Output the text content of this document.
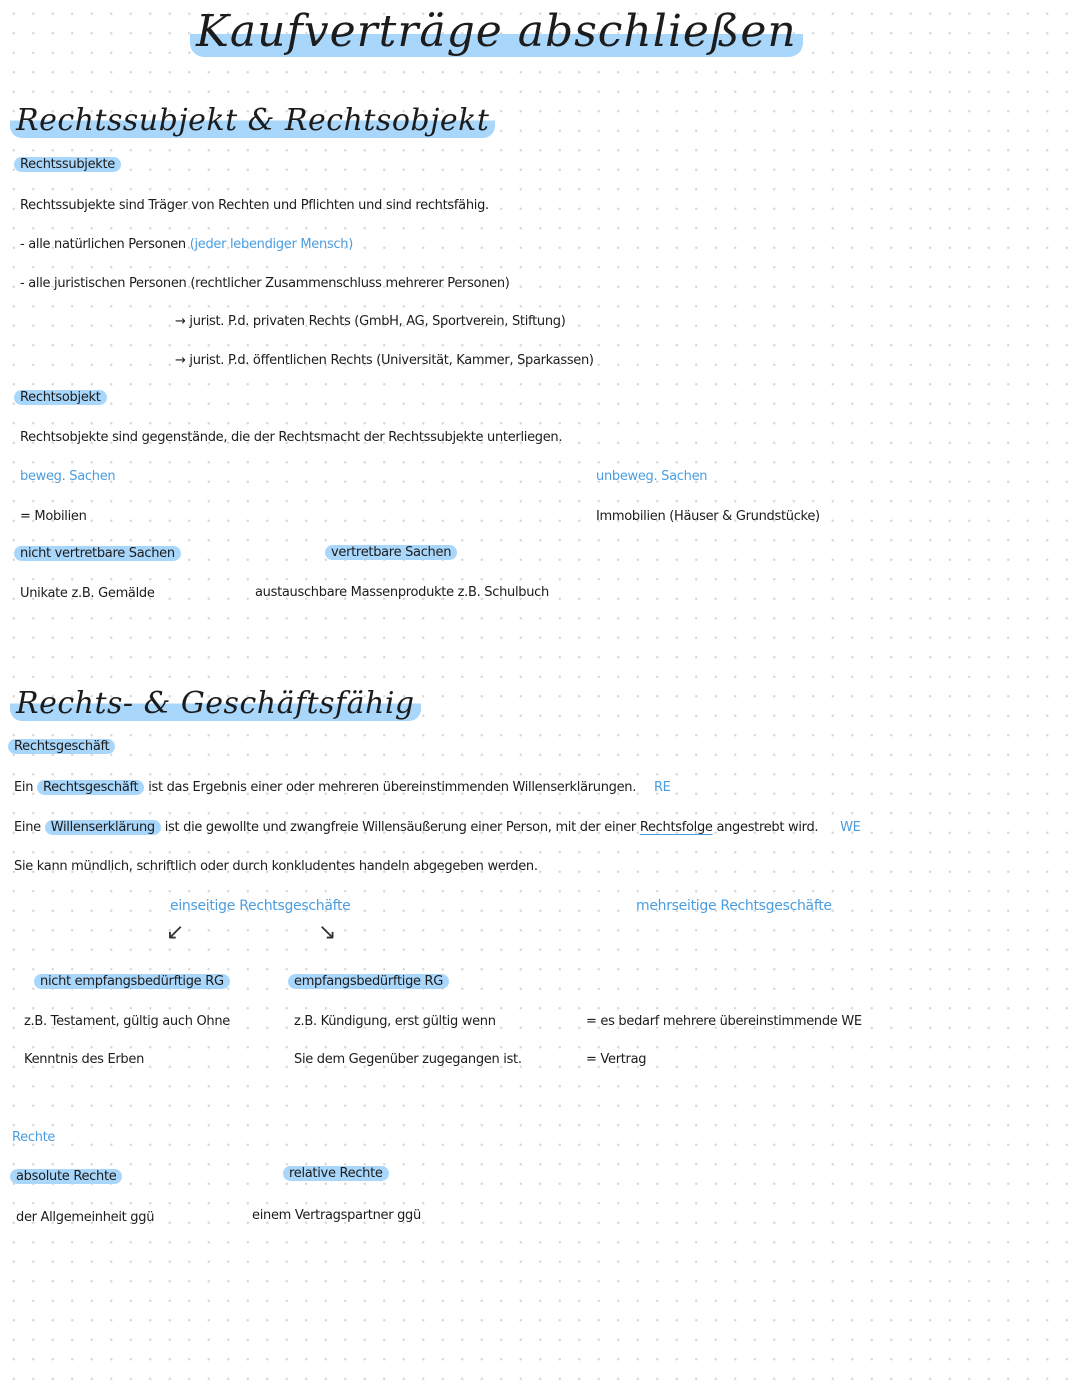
Kaufverträge abschließen
Rechtssubjekt & Rechtsobjekt
Rechtssubjekte
Rechtssubjekte sind Träger von Rechten und Pflichten und sind rechtsfähig.
- alle natürlichen Personen (jeder lebendiger Mensch)
- alle juristischen Personen (rechtlicher Zusammenschluss mehrerer Personen)
→ jurist. P.d. privaten Rechts (GmbH, AG, Sportverein, Stiftung)
→ jurist. P.d. öffentlichen Rechts (Universität, Kammer, Sparkassen)
Rechtsobjekt
Rechtsobjekte sind gegenstände, die der Rechtsmacht der Rechtssubjekte unterliegen.
beweg. Sachen	unbeweg. Sachen
= Mobilien	Immobilien (Häuser & Grundstücke)
nicht vertretbare Sachen	vertretbare Sachen
Unikate z.B. Gemälde	austauschbare Massenprodukte z.B. Schulbuch
Rechts- & Geschäftsfähig
Rechtsgeschäft
Ein Rechtsgeschäft ist das Ergebnis einer oder mehreren übereinstimmenden Willenserklärungen. RE
Eine Willenserklärung ist die gewollte und zwangfreie Willensäußerung einer Person, mit der einer Rechtsfolge angestrebt wird. WE
Sie kann mündlich, schriftlich oder durch konkludentes handeln abgegeben werden.
einseitige Rechtsgeschäfte	mehrseitige Rechtsgeschäfte
↙	↘
nicht empfangsbedürftige RG	empfangsbedürftige RG
z.B. Testament, gültig auch Ohne
Kenntnis des Erben
z.B. Kündigung, erst gültig wenn
Sie dem Gegenüber zugegangen ist.
= es bedarf mehrere übereinstimmende WE
= Vertrag
Rechte
absolute Rechte	relative Rechte
der Allgemeinheit ggü	einem Vertragspartner ggü
